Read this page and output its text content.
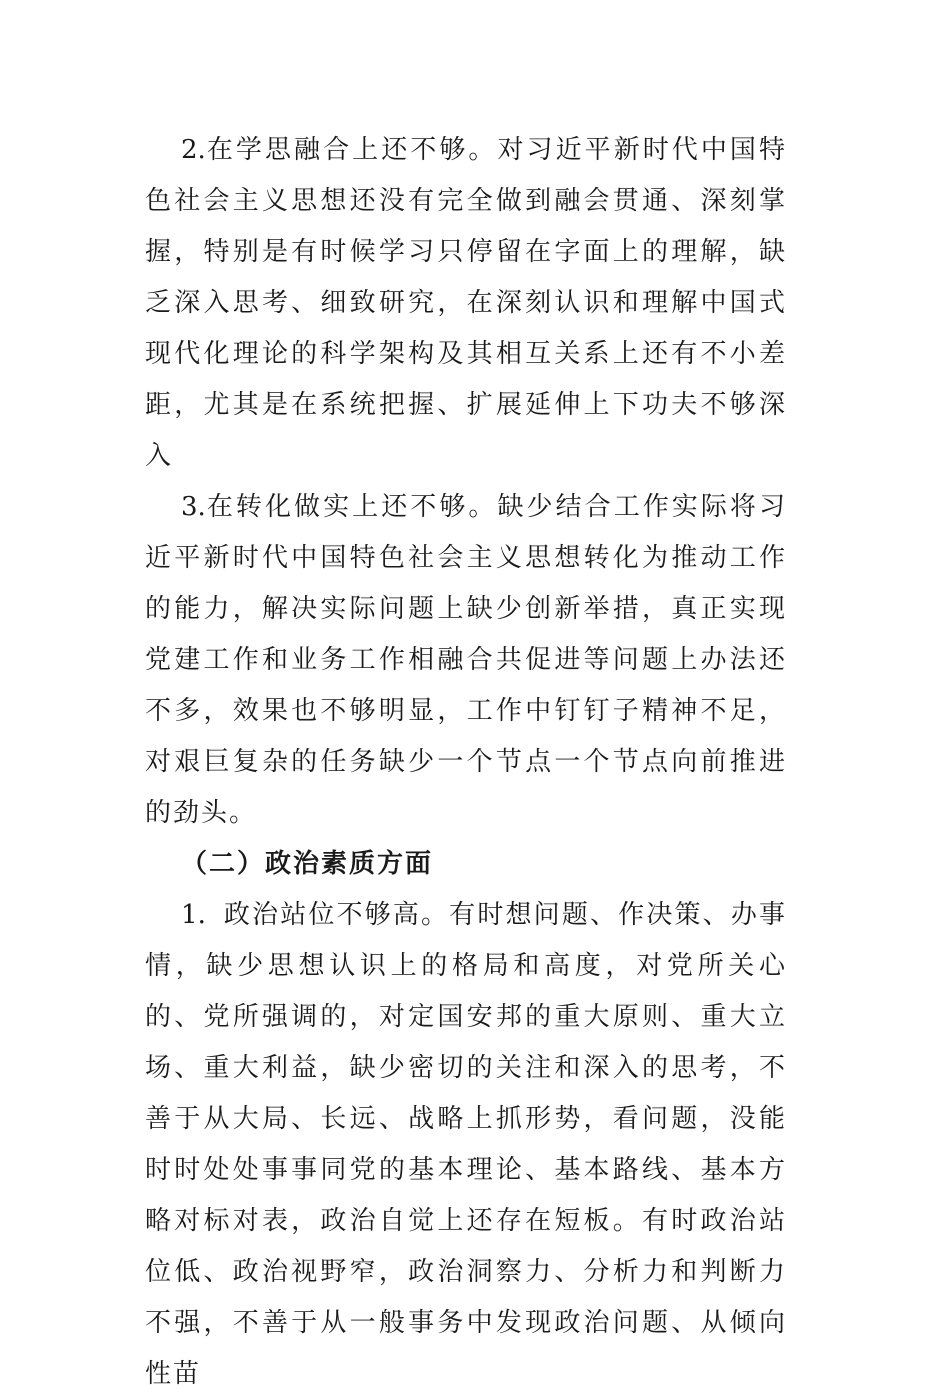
2.在学思融合上还不够。对习近平新时代中国特色社会主义思想还没有完全做到融会贯通、深刻掌握，特别是有时候学习只停留在字面上的理解，缺乏深入思考、细致研究，在深刻认识和理解中国式现代化理论的科学架构及其相互关系上还有不小差距，尤其是在系统把握、扩展延伸上下功夫不够深入

3.在转化做实上还不够。缺少结合工作实际将习近平新时代中国特色社会主义思想转化为推动工作的能力，解决实际问题上缺少创新举措，真正实现党建工作和业务工作相融合共促进等问题上办法还不多，效果也不够明显，工作中钉钉子精神不足，对艰巨复杂的任务缺少一个节点一个节点向前推进的劲头。

（二）政治素质方面

1．政治站位不够高。有时想问题、作决策、办事情，缺少思想认识上的格局和高度，对党所关心的、党所强调的，对定国安邦的重大原则、重大立场、重大利益，缺少密切的关注和深入的思考，不善于从大局、长远、战略上抓形势，看问题，没能时时处处事事同党的基本理论、基本路线、基本方略对标对表，政治自觉上还存在短板。有时政治站位低、政治视野窄，政治洞察力、分析力和判断力不强，不善于从一般事务中发现政治问题、从倾向性苗
